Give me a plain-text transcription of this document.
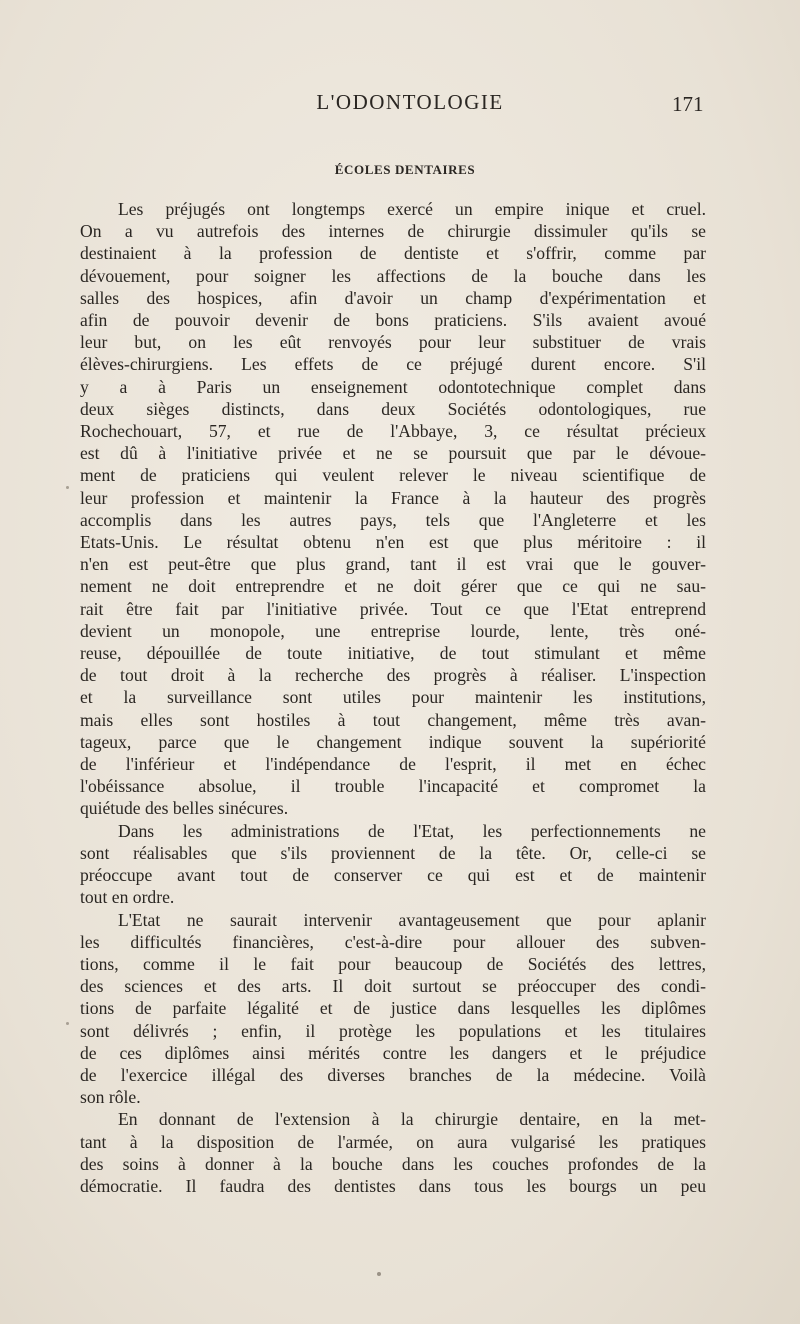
L'ODONTOLOGIE	171
ÉCOLES DENTAIRES
Les préjugés ont longtemps exercé un empire inique et cruel.
On a vu autrefois des internes de chirurgie dissimuler qu'ils se
destinaient à la profession de dentiste et s'offrir, comme par
dévouement, pour soigner les affections de la bouche dans les
salles des hospices, afin d'avoir un champ d'expérimentation et
afin de pouvoir devenir de bons praticiens. S'ils avaient avoué
leur but, on les eût renvoyés pour leur substituer de vrais
élèves-chirurgiens. Les effets de ce préjugé durent encore. S'il
y a à Paris un enseignement odontotechnique complet dans
deux sièges distincts, dans deux Sociétés odontologiques, rue
Rochechouart, 57, et rue de l'Abbaye, 3, ce résultat précieux
est dû à l'initiative privée et ne se poursuit que par le dévoue-
ment de praticiens qui veulent relever le niveau scientifique de
leur profession et maintenir la France à la hauteur des progrès
accomplis dans les autres pays, tels que l'Angleterre et les
Etats-Unis. Le résultat obtenu n'en est que plus méritoire : il
n'en est peut-être que plus grand, tant il est vrai que le gouver-
nement ne doit entreprendre et ne doit gérer que ce qui ne sau-
rait être fait par l'initiative privée. Tout ce que l'Etat entreprend
devient un monopole, une entreprise lourde, lente, très oné-
reuse, dépouillée de toute initiative, de tout stimulant et même
de tout droit à la recherche des progrès à réaliser. L'inspection
et la surveillance sont utiles pour maintenir les institutions,
mais elles sont hostiles à tout changement, même très avan-
tageux, parce que le changement indique souvent la supériorité
de l'inférieur et l'indépendance de l'esprit, il met en échec
l'obéissance absolue, il trouble l'incapacité et compromet la
quiétude des belles sinécures.
Dans les administrations de l'Etat, les perfectionnements ne
sont réalisables que s'ils proviennent de la tête. Or, celle-ci se
préoccupe avant tout de conserver ce qui est et de maintenir
tout en ordre.
L'Etat ne saurait intervenir avantageusement que pour aplanir
les difficultés financières, c'est-à-dire pour allouer des subven-
tions, comme il le fait pour beaucoup de Sociétés des lettres,
des sciences et des arts. Il doit surtout se préoccuper des condi-
tions de parfaite légalité et de justice dans lesquelles les diplômes
sont délivrés ; enfin, il protège les populations et les titulaires
de ces diplômes ainsi mérités contre les dangers et le préjudice
de l'exercice illégal des diverses branches de la médecine. Voilà
son rôle.
En donnant de l'extension à la chirurgie dentaire, en la met-
tant à la disposition de l'armée, on aura vulgarisé les pratiques
des soins à donner à la bouche dans les couches profondes de la
démocratie. Il faudra des dentistes dans tous les bourgs un peu
